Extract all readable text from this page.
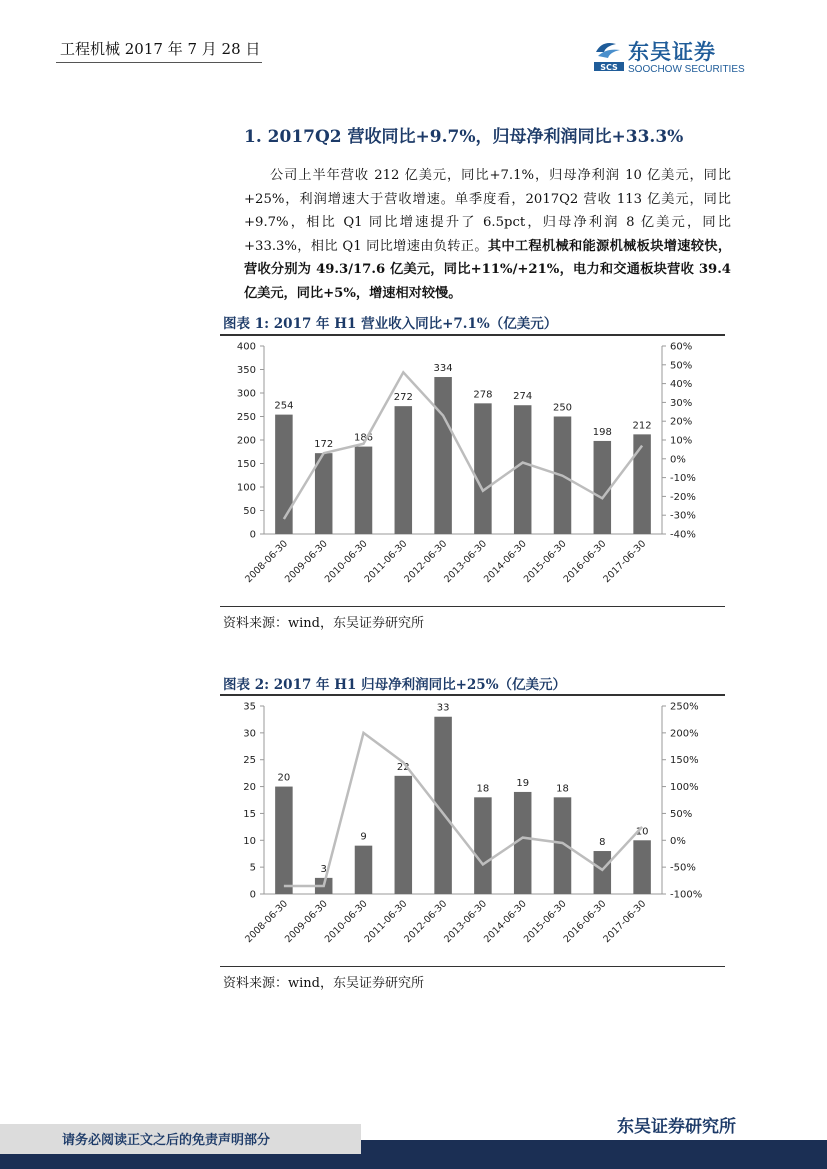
工程机械 2017 年 7 月 28 日
SCS
东吴证券
SOOCHOW SECURITIES
1. 2017Q2 营收同比+9.7%，归母净利润同比+33.3%
公司上半年营收 212 亿美元，同比+7.1%，归母净利润 10 亿美元，同比+25%，利润增速大于营收增速。单季度看，2017Q2 营收 113 亿美元，同比+9.7%，相比 Q1 同比增速提升了 6.5pct，归母净利润 8 亿美元，同比+33.3%，相比 Q1 同比增速由负转正。其中工程机械和能源机械板块增速较快，营收分别为 49.3/17.6 亿美元，同比+11%/+21%，电力和交通板块营收 39.4 亿美元，同比+5%，增速相对较慢。
图表 1: 2017 年 H1 营业收入同比+7.1%（亿美元）
0
50
100
150
200
250
300
350
400
-40%
-30%
-20%
-10%
0%
10%
20%
30%
40%
50%
60%
254
2008-06-30
172
2009-06-30
186
2010-06-30
272
2011-06-30
334
2012-06-30
278
2013-06-30
274
2014-06-30
250
2015-06-30
198
2016-06-30
212
2017-06-30
资料来源：wind，东吴证券研究所
图表 2: 2017 年 H1 归母净利润同比+25%（亿美元）
0
5
10
15
20
25
30
35
-100%
-50%
0%
50%
100%
150%
200%
250%
20
2008-06-30
3
2009-06-30
9
2010-06-30
22
2011-06-30
33
2012-06-30
18
2013-06-30
19
2014-06-30
18
2015-06-30
8
2016-06-30
10
2017-06-30
资料来源：wind，东吴证券研究所
东吴证券研究所
请务必阅读正文之后的免责声明部分
